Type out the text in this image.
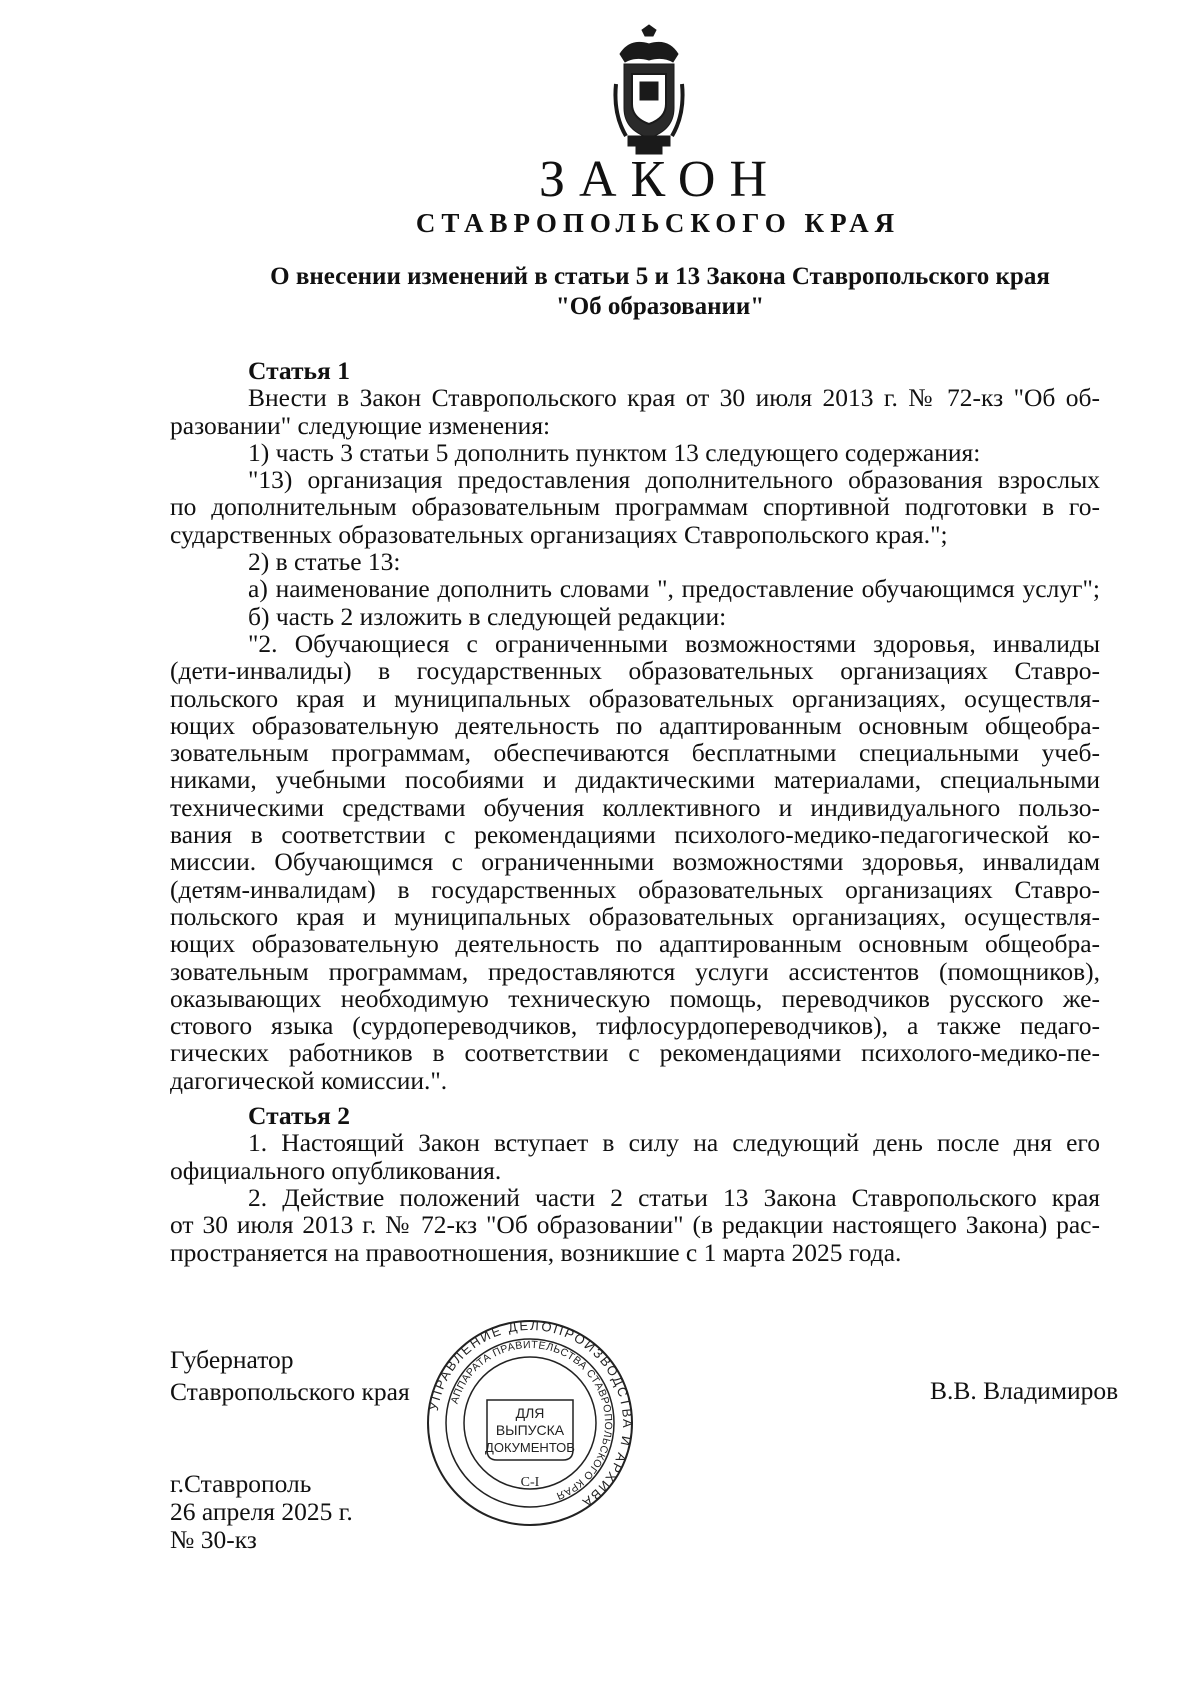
ЗАКОН
СТАВРОПОЛЬСКОГО КРАЯ
О внесении изменений в статьи 5 и 13 Закона Ставропольского края
"Об образовании"
Статья 1
Внести в Закон Ставропольского края от 30 июля 2013 г. № 72-кз "Об об-
разовании" следующие изменения:
1) часть 3 статьи 5 дополнить пунктом 13 следующего содержания:
"13) организация предоставления дополнительного образования взрослых
по дополнительным образовательным программам спортивной подготовки в го-
сударственных образовательных организациях Ставропольского края.";
2) в статье 13:
а) наименование дополнить словами ", предоставление обучающимся услуг";
б) часть 2 изложить в следующей редакции:
"2. Обучающиеся с ограниченными возможностями здоровья, инвалиды
(дети-инвалиды) в государственных образовательных организациях Ставро-
польского края и муниципальных образовательных организациях, осуществля-
ющих образовательную деятельность по адаптированным основным общеобра-
зовательным программам, обеспечиваются бесплатными специальными учеб-
никами, учебными пособиями и дидактическими материалами, специальными
техническими средствами обучения коллективного и индивидуального пользо-
вания в соответствии с рекомендациями психолого-медико-педагогической ко-
миссии. Обучающимся с ограниченными возможностями здоровья, инвалидам
(детям-инвалидам) в государственных образовательных организациях Ставро-
польского края и муниципальных образовательных организациях, осуществля-
ющих образовательную деятельность по адаптированным основным общеобра-
зовательным программам, предоставляются услуги ассистентов (помощников),
оказывающих необходимую техническую помощь, переводчиков русского же-
стового языка (сурдопереводчиков, тифлосурдопереводчиков), а также педаго-
гических работников в соответствии с рекомендациями психолого-медико-пе-
дагогической комиссии.".
Статья 2
1. Настоящий Закон вступает в силу на следующий день после дня его
официального опубликования.
2. Действие положений части 2 статьи 13 Закона Ставропольского края
от 30 июля 2013 г. № 72-кз "Об образовании" (в редакции настоящего Закона) рас-
пространяется на правоотношения, возникшие с 1 марта 2025 года.
Губернатор
Ставропольского края	В.В. Владимиров
УПРАВЛЕНИЕ ДЕЛОПРОИЗВОДСТВА И АРХИВА
АППАРАТА ПРАВИТЕЛЬСТВА СТАВРОПОЛЬСКОГО КРАЯ
ДЛЯ
ВЫПУСКА
ДОКУМЕНТОВ
С-I
г.Ставрополь
26 апреля 2025 г.
№ 30-кз
